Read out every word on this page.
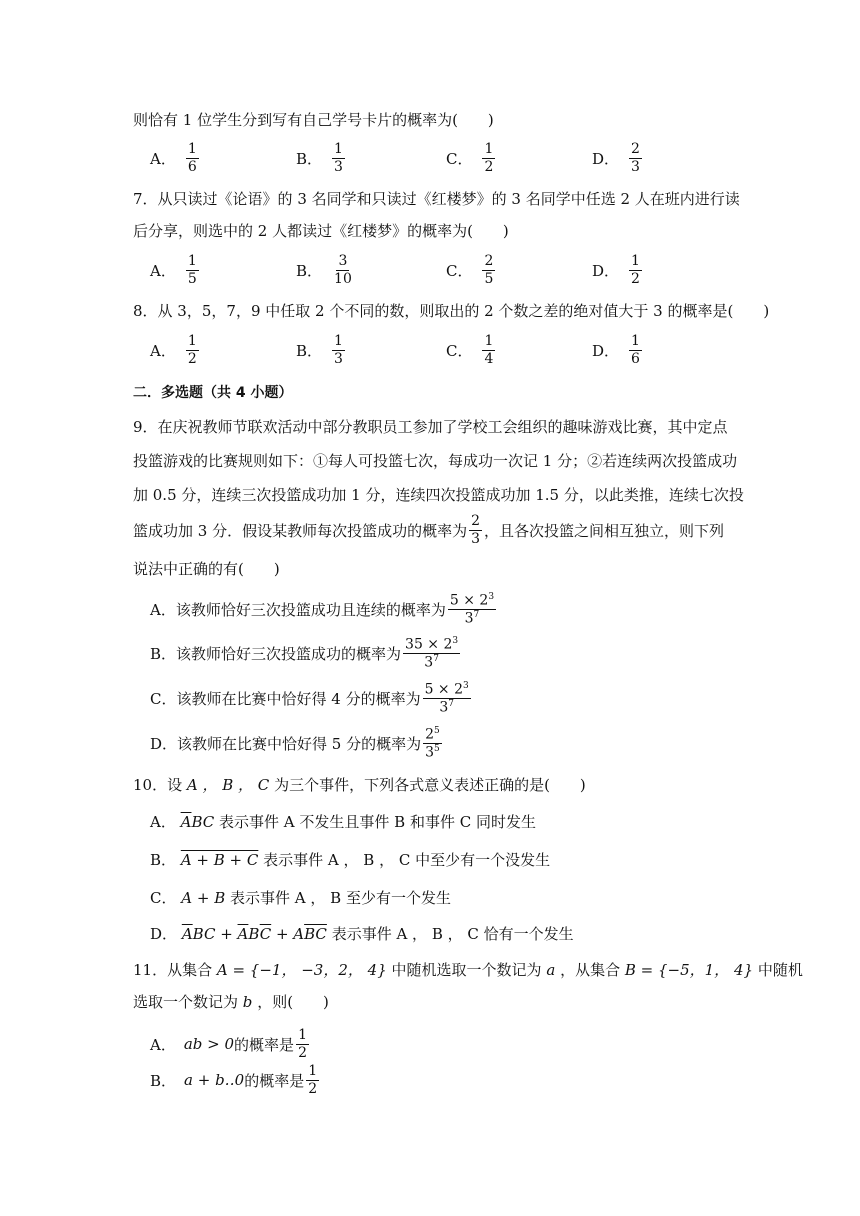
则恰有 1 位学生分到写有自己学号卡片的概率为(　　)
A． $\frac{1}{6}$	B． $\frac{1}{3}$	C． $\frac{1}{2}$	D． $\frac{2}{3}$
7．从只读过《论语》的 3 名同学和只读过《红楼梦》的 3 名同学中任选 2 人在班内进行读
后分享，则选中的 2 人都读过《红楼梦》的概率为(　　)
A． $\frac{1}{5}$	B． $\frac{3}{10}$	C． $\frac{2}{5}$	D． $\frac{1}{2}$
8．从 3，5，7，9 中任取 2 个不同的数，则取出的 2 个数之差的绝对值大于 3 的概率是(　　)
A． $\frac{1}{2}$	B． $\frac{1}{3}$	C． $\frac{1}{4}$	D． $\frac{1}{6}$
二．多选题（共 4 小题）
9．在庆祝教师节联欢活动中部分教职员工参加了学校工会组织的趣味游戏比赛，其中定点
投篮游戏的比赛规则如下：①每人可投篮七次，每成功一次记 1 分；②若连续两次投篮成功
加 0.5 分，连续三次投篮成功加 1 分，连续四次投篮成功加 1.5 分，以此类推，连续七次投
篮成功加 3 分．假设某教师每次投篮成功的概率为 $\frac{2}{3}$ ，且各次投篮之间相互独立，则下列
说法中正确的有(　　)
A． 该教师恰好三次投篮成功且连续的概率为 $\frac{5 \times 2^3}{3^7}$
B． 该教师恰好三次投篮成功的概率为 $\frac{35 \times 2^3}{3^7}$
C． 该教师在比赛中恰好得 4 分的概率为 $\frac{5 \times 2^3}{3^7}$
D． 该教师在比赛中恰好得 5 分的概率为 $\frac{2^5}{3^5}$
10．设 A ， B ， C 为三个事件，下列各式意义表述正确的是(　　)
A． $\overline{A}BC$ 表示事件 A 不发生且事件 B 和事件 C 同时发生
B． A + B + C 表示事件 A ， B ， C 中至少有一个没发生
C． A + B 表示事件 A ， B 至少有一个发生
D． $\overline{A}BC + \overline{A}B\overline{C} + A\overline{BC}$ 表示事件 A ， B ， C 恰有一个发生
11．从集合 A = {−1， −3，2， 4} 中随机选取一个数记为 a ，从集合 B = {−5，1， 4} 中随机
选取一个数记为 b ，则(　　)
A． ab > 0 的概率是 $\frac{1}{2}$
B． a + b‥0 的概率是 $\frac{1}{2}$
